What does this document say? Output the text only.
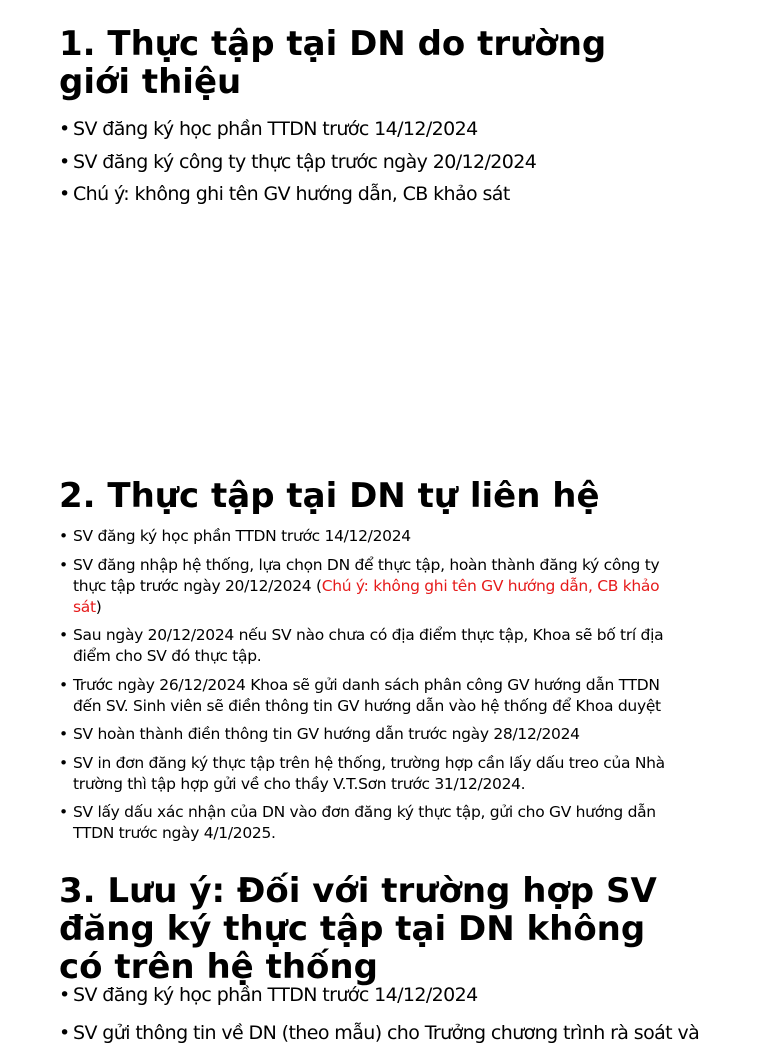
1. Thực tập tại DN do trường
giới thiệu
• SV đăng ký học phần TTDN trước 14/12/2024
• SV đăng ký công ty thực tập trước ngày 20/12/2024
• Chú ý: không ghi tên GV hướng dẫn, CB khảo sát
2. Thực tập tại DN tự liên hệ
• SV đăng ký học phần TTDN trước 14/12/2024
• SV đăng nhập hệ thống, lựa chọn DN để thực tập, hoàn thành đăng ký công ty
thực tập trước ngày 20/12/2024 (Chú ý: không ghi tên GV hướng dẫn, CB khảo
sát)
• Sau ngày 20/12/2024 nếu SV nào chưa có địa điểm thực tập, Khoa sẽ bố trí địa
điểm cho SV đó thực tập.
• Trước ngày 26/12/2024 Khoa sẽ gửi danh sách phân công GV hướng dẫn TTDN
đến SV. Sinh viên sẽ điền thông tin GV hướng dẫn vào hệ thống để Khoa duyệt
• SV hoàn thành điền thông tin GV hướng dẫn trước ngày 28/12/2024
• SV in đơn đăng ký thực tập trên hệ thống, trường hợp cần lấy dấu treo của Nhà
trường thì tập hợp gửi về cho thầy V.T.Sơn trước 31/12/2024.
• SV lấy dấu xác nhận của DN vào đơn đăng ký thực tập, gửi cho GV hướng dẫn
TTDN trước ngày 4/1/2025.
3. Lưu ý: Đối với trường hợp SV
đăng ký thực tập tại DN không
có trên hệ thống
• SV đăng ký học phần TTDN trước 14/12/2024
• SV gửi thông tin về DN (theo mẫu) cho Trưởng chương trình rà soát và
